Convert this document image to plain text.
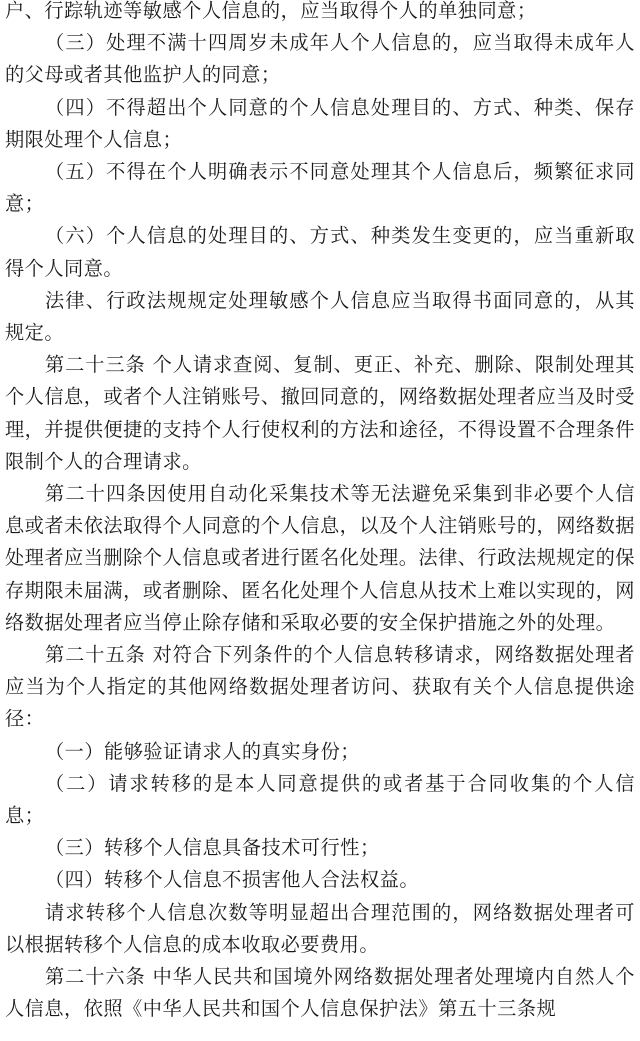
户、行踪轨迹等敏感个人信息的，应当取得个人的单独同意；

（三）处理不满十四周岁未成年人个人信息的，应当取得未成年人的父母或者其他监护人的同意；

（四）不得超出个人同意的个人信息处理目的、方式、种类、保存期限处理个人信息；

（五）不得在个人明确表示不同意处理其个人信息后，频繁征求同意；

（六）个人信息的处理目的、方式、种类发生变更的，应当重新取得个人同意。

法律、行政法规规定处理敏感个人信息应当取得书面同意的，从其规定。

第二十三条 个人请求查阅、复制、更正、补充、删除、限制处理其个人信息，或者个人注销账号、撤回同意的，网络数据处理者应当及时受理，并提供便捷的支持个人行使权利的方法和途径，不得设置不合理条件限制个人的合理请求。

第二十四条因使用自动化采集技术等无法避免采集到非必要个人信息或者未依法取得个人同意的个人信息，以及个人注销账号的，网络数据处理者应当删除个人信息或者进行匿名化处理。法律、行政法规规定的保存期限未届满，或者删除、匿名化处理个人信息从技术上难以实现的，网络数据处理者应当停止除存储和采取必要的安全保护措施之外的处理。

第二十五条 对符合下列条件的个人信息转移请求，网络数据处理者应当为个人指定的其他网络数据处理者访问、获取有关个人信息提供途径：

（一）能够验证请求人的真实身份；

（二）请求转移的是本人同意提供的或者基于合同收集的个人信息；

（三）转移个人信息具备技术可行性；

（四）转移个人信息不损害他人合法权益。

请求转移个人信息次数等明显超出合理范围的，网络数据处理者可以根据转移个人信息的成本收取必要费用。

第二十六条 中华人民共和国境外网络数据处理者处理境内自然人个人信息，依照《中华人民共和国个人信息保护法》第五十三条规
